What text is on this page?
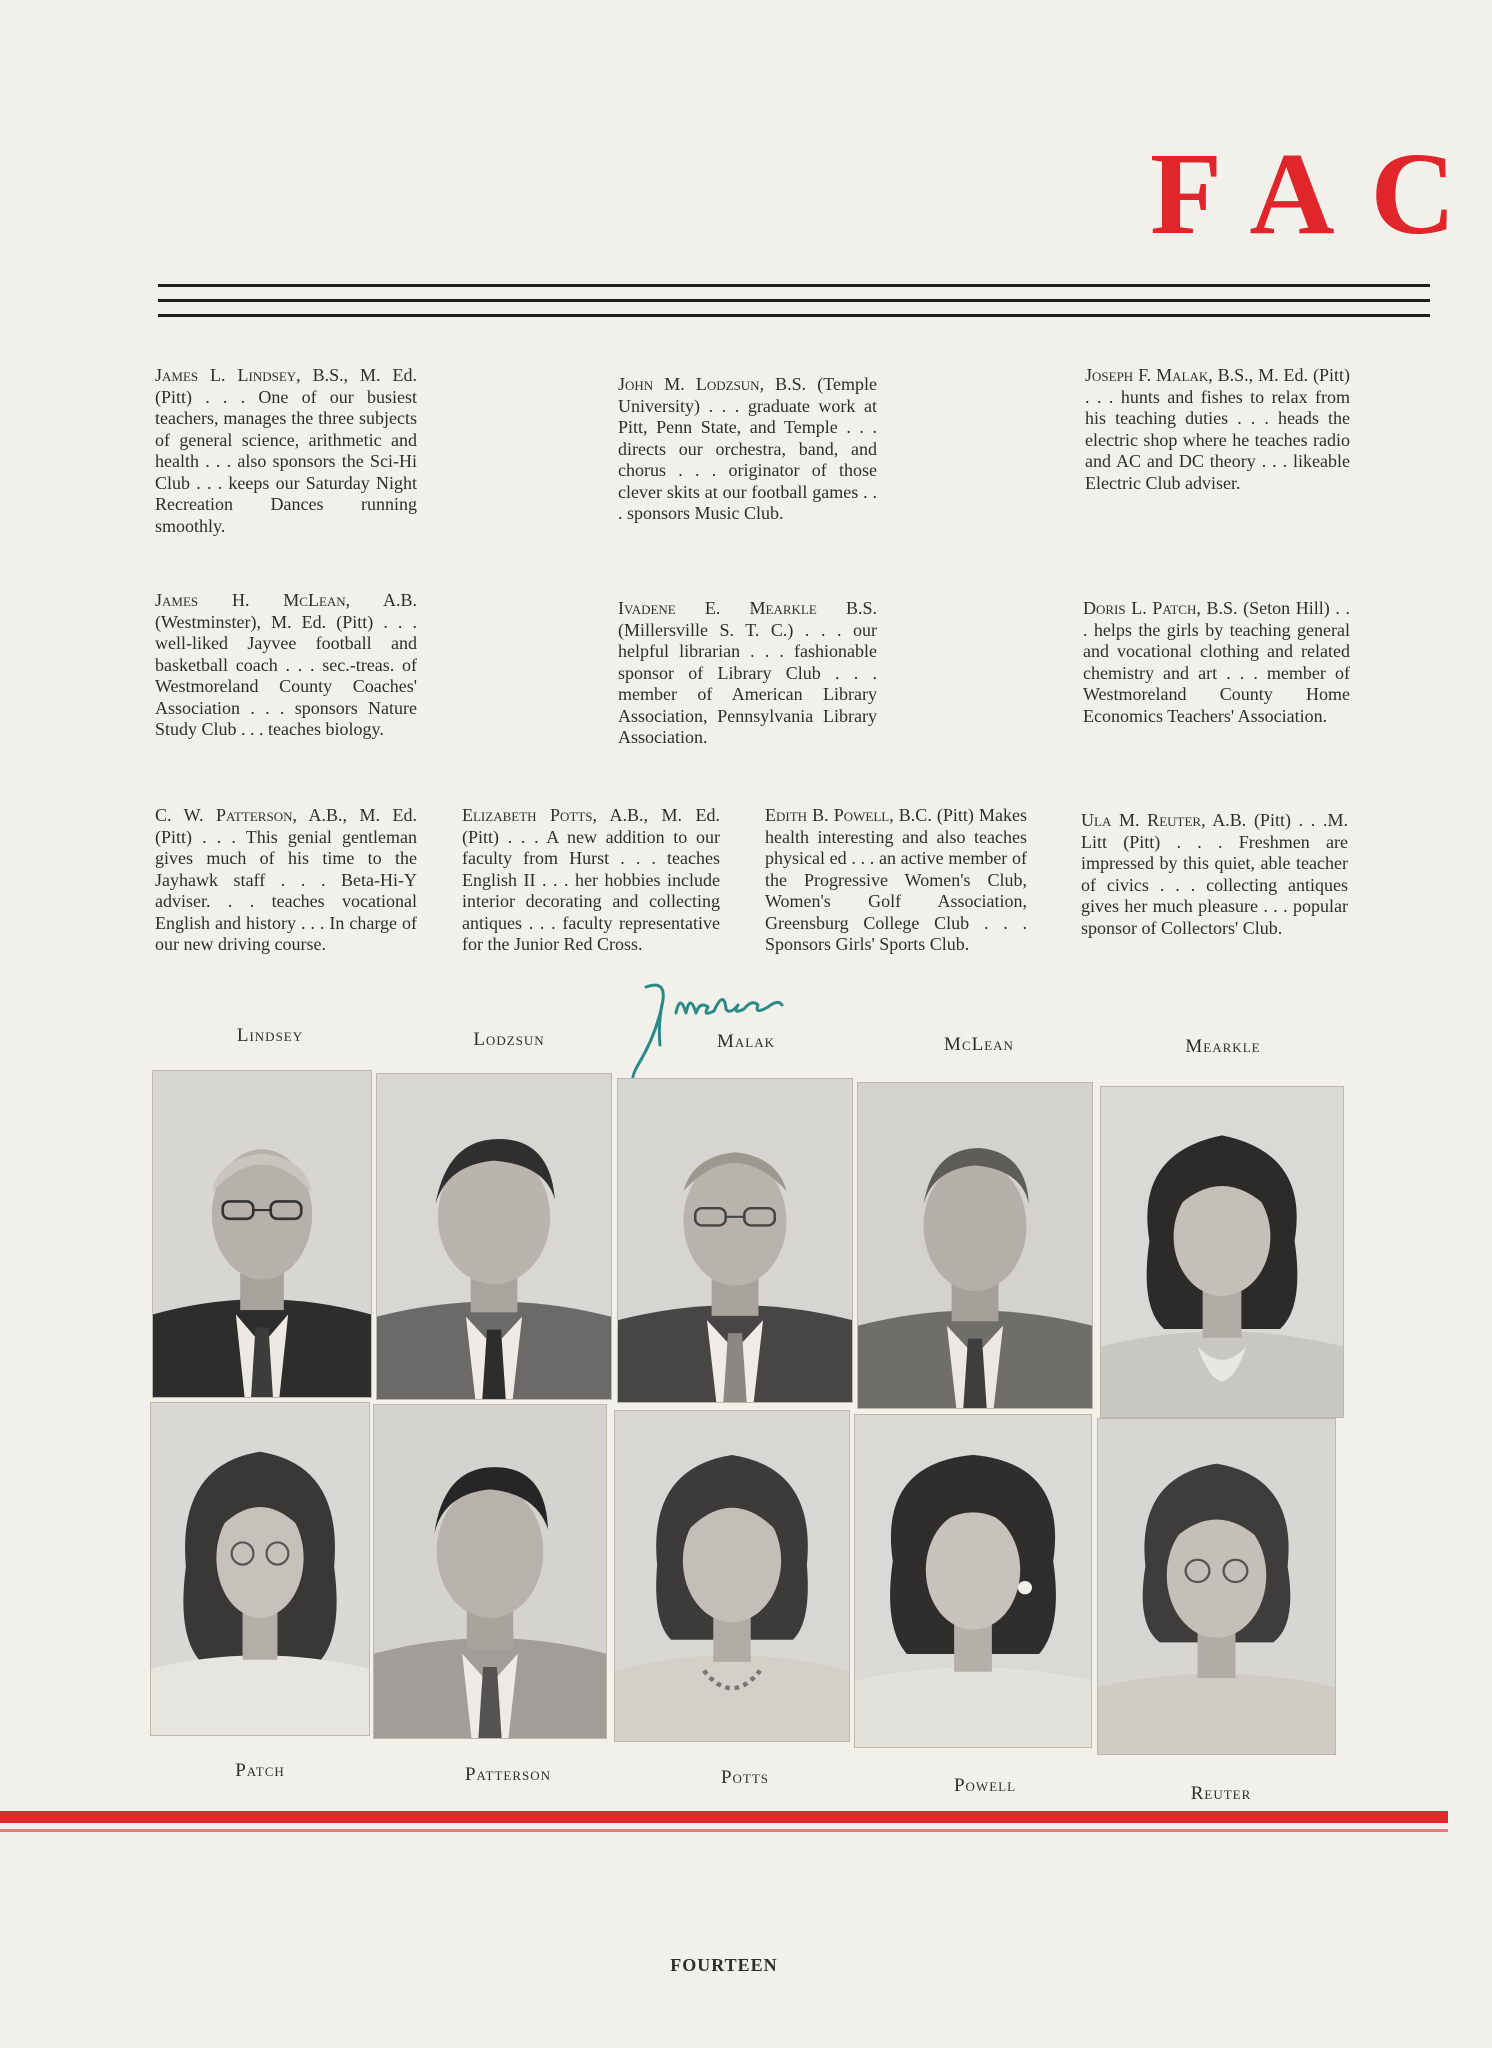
FAC
James L. Lindsey, B.S., M. Ed. (Pitt) . . . One of our busiest teachers, manages the three subjects of general science, arithmetic and health . . . also sponsors the Sci-Hi Club . . . keeps our Saturday Night Recreation Dances running smoothly.
John M. Lodzsun, B.S. (Temple University) . . . graduate work at Pitt, Penn State, and Temple . . . directs our orchestra, band, and chorus . . . originator of those clever skits at our football games . . . sponsors Music Club.
Joseph F. Malak, B.S., M. Ed. (Pitt) . . . hunts and fishes to relax from his teaching duties . . . heads the electric shop where he teaches radio and AC and DC theory . . . likeable Electric Club adviser.
James H. McLean, A.B. (Westminster), M. Ed. (Pitt) . . . well-liked Jayvee football and basketball coach . . . sec.-treas. of Westmoreland County Coaches' Association . . . sponsors Nature Study Club . . . teaches biology.
Ivadene E. Mearkle B.S. (Millersville S. T. C.) . . . our helpful librarian . . . fashionable sponsor of Library Club . . . member of American Library Association, Pennsylvania Library Association.
Doris L. Patch, B.S. (Seton Hill) . . . helps the girls by teaching general and vocational clothing and related chemistry and art . . . member of Westmoreland County Home Economics Teachers' Association.
C. W. Patterson, A.B., M. Ed. (Pitt) . . . This genial gentleman gives much of his time to the Jayhawk staff . . . Beta-Hi-Y adviser. . . teaches vocational English and history . . . In charge of our new driving course.
Elizabeth Potts, A.B., M. Ed. (Pitt) . . . A new addition to our faculty from Hurst . . . teaches English II . . . her hobbies include interior decorating and collecting antiques . . . faculty representative for the Junior Red Cross.
Edith B. Powell, B.C. (Pitt) Makes health interesting and also teaches physical ed . . . an active member of the Progressive Women's Club, Women's Golf Association, Greensburg College Club . . . Sponsors Girls' Sports Club.
Ula M. Reuter, A.B. (Pitt) . . .M. Litt (Pitt) . . . Freshmen are impressed by this quiet, able teacher of civics . . . collecting antiques gives her much pleasure . . . popular sponsor of Collectors' Club.
Lindsey	Lodzsun	Malak	McLean	Mearkle
Patch	Patterson	Potts	Powell	Reuter
FOURTEEN
